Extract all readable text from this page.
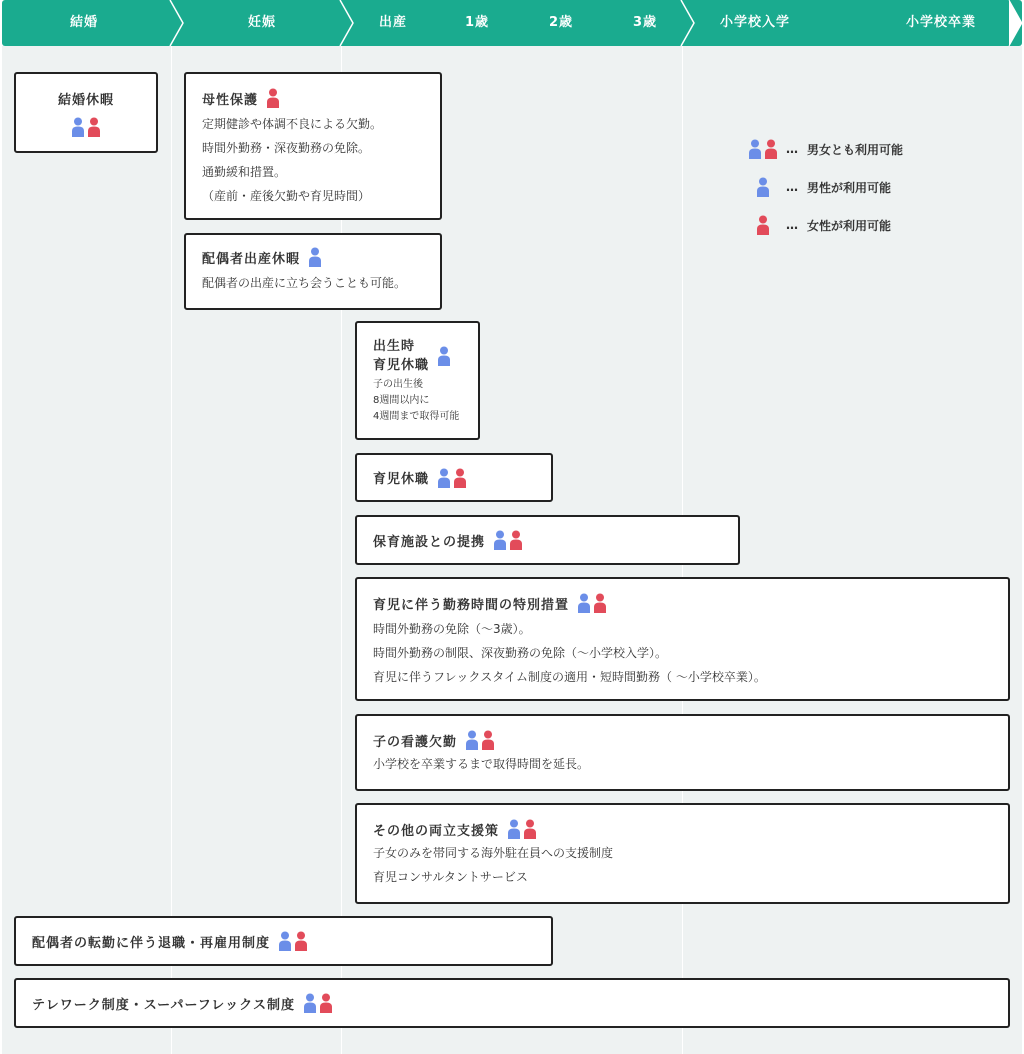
結婚	妊娠	出産	1歳	2歳	3歳	小学校入学	小学校卒業
… 男女とも利用可能
… 男性が利用可能
… 女性が利用可能
結婚休暇	母性保護
定期健診や体調不良による欠勤。
時間外勤務・深夜勤務の免除。
通勤緩和措置。
（産前・産後欠勤や育児時間）
配偶者出産休暇
配偶者の出産に立ち会うことも可能。
出生時
育児休職
子の出生後
8週間以内に
4週間まで取得可能
育児休職
保育施設との提携
育児に伴う勤務時間の特別措置
時間外勤務の免除（〜3歳）。
時間外勤務の制限、深夜勤務の免除（〜小学校入学）。
育児に伴うフレックスタイム制度の適用・短時間勤務（ 〜小学校卒業）。
子の看護欠勤
小学校を卒業するまで取得時間を延長。
その他の両立支援策
子女のみを帯同する海外駐在員への支援制度
育児コンサルタントサービス
配偶者の転勤に伴う退職・再雇用制度
テレワーク制度・スーパーフレックス制度
